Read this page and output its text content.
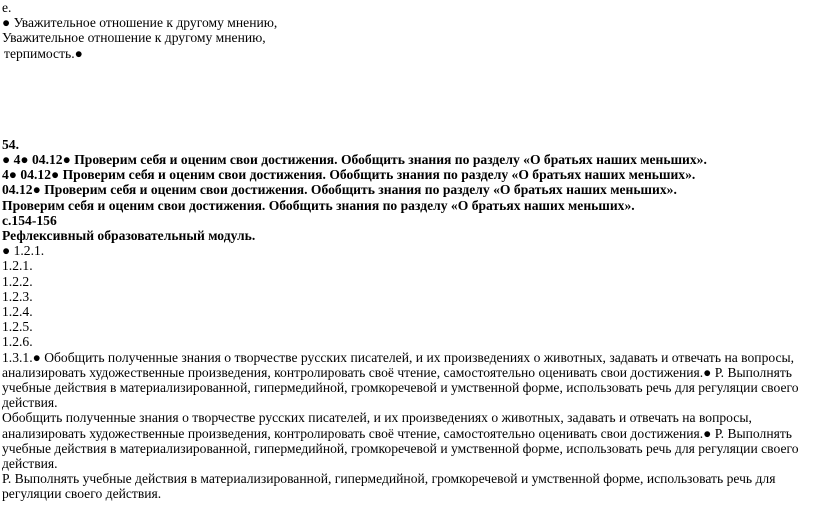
е.
● Уважительное отношение к другому мнению,
Уважительное отношение к другому мнению,
терпимость.●
54.
● 4● 04.12● Проверим себя и оценим свои достижения. Обобщить знания по разделу «О братьях наших меньших».
4● 04.12● Проверим себя и оценим свои достижения. Обобщить знания по разделу «О братьях наших меньших».
04.12● Проверим себя и оценим свои достижения. Обобщить знания по разделу «О братьях наших меньших».
Проверим себя и оценим свои достижения. Обобщить знания по разделу «О братьях наших меньших».
с.154-156
Рефлексивный образовательный модуль.
● 1.2.1.
1.2.1.
1.2.2.
1.2.3.
1.2.4.
1.2.5.
1.2.6.
1.3.1.● Обобщить полученные знания о творчестве русских писателей, и их произведениях о животных, задавать и отвечать на вопросы, анализировать художественные произведения, контролировать своё чтение, самостоятельно оценивать свои достижения.● Р. Выполнять учебные действия в материализированной, гипермедийной, громкоречевой и умственной форме, использовать речь для регуляции своего действия.
Обобщить полученные знания о творчестве русских писателей, и их произведениях о животных, задавать и отвечать на вопросы, анализировать художественные произведения, контролировать своё чтение, самостоятельно оценивать свои достижения.● Р. Выполнять учебные действия в материализированной, гипермедийной, громкоречевой и умственной форме, использовать речь для регуляции своего действия.
Р. Выполнять учебные действия в материализированной, гипермедийной, громкоречевой и умственной форме, использовать речь для регуляции своего действия.
